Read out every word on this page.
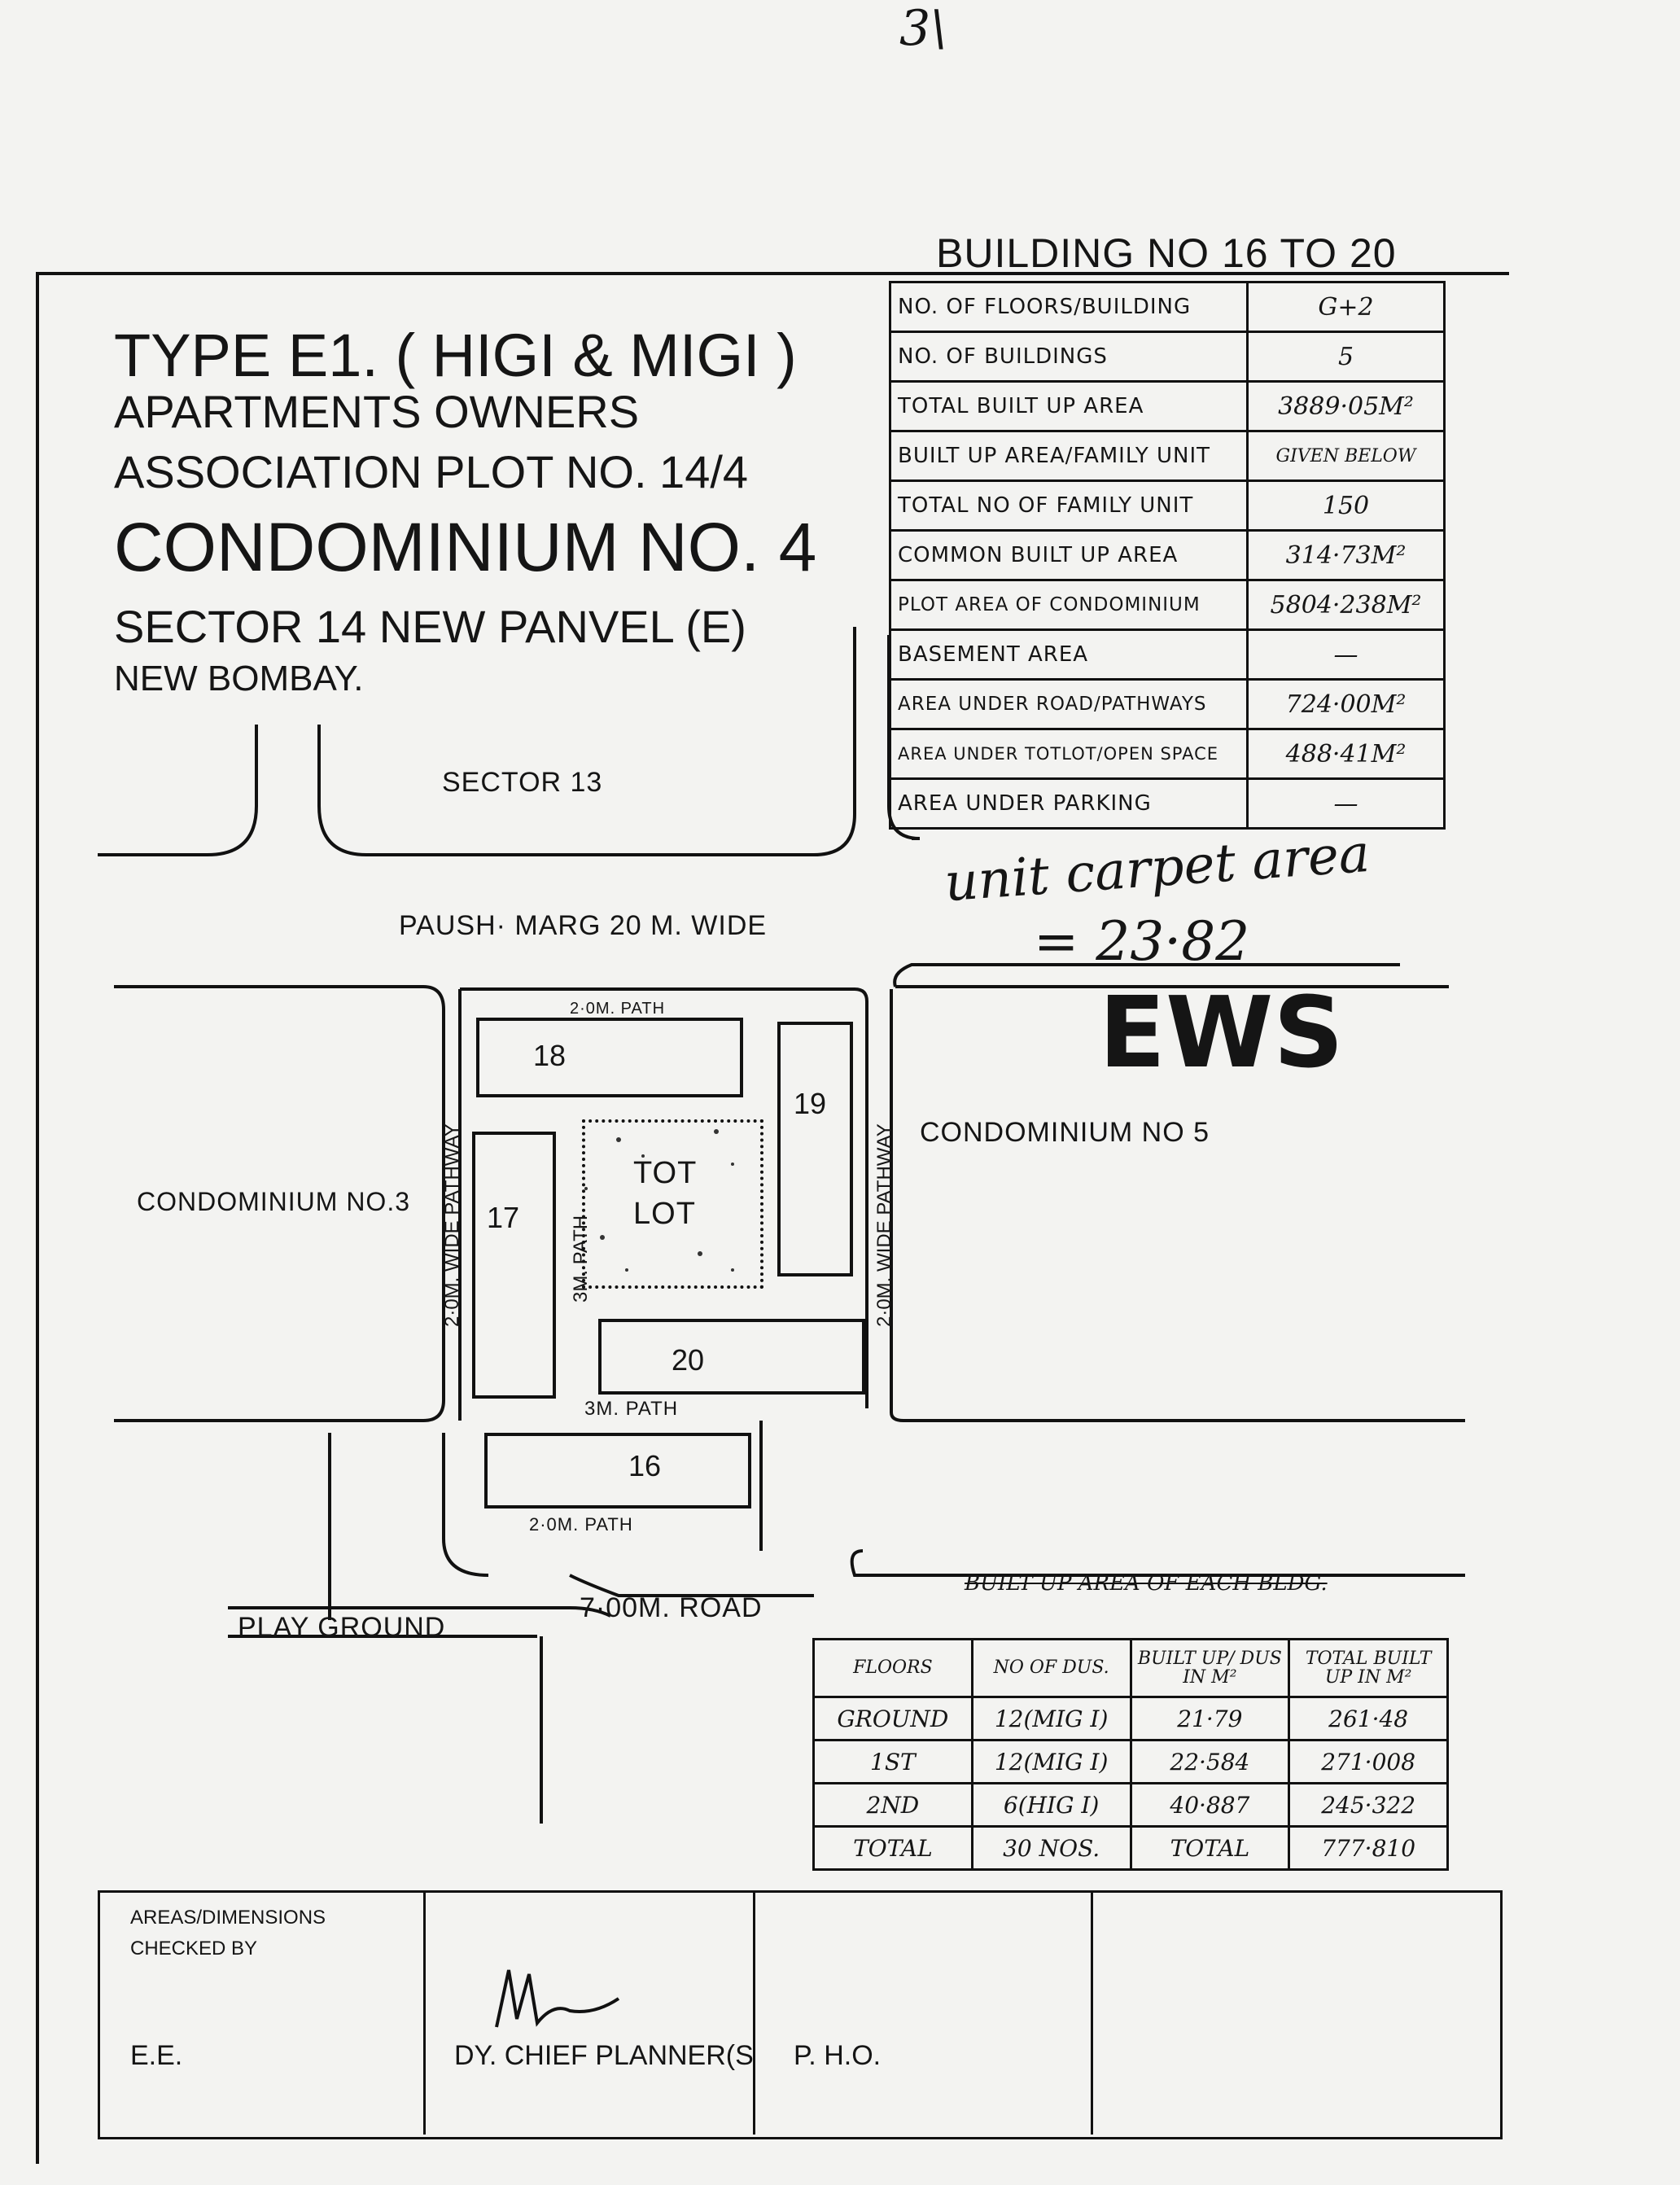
3\
TYPE E1. ( HIGI & MIGI )
APARTMENTS OWNERS
ASSOCIATION PLOT NO. 14/4
CONDOMINIUM NO. 4
SECTOR 14 NEW PANVEL (E)
NEW BOMBAY.
BUILDING NO 16 TO 20
NO. OF FLOORS/BUILDING	G+2
NO. OF BUILDINGS	5
TOTAL BUILT UP AREA	3889·05M²
BUILT UP AREA/FAMILY UNIT	GIVEN BELOW
TOTAL NO OF FAMILY UNIT	150
COMMON BUILT UP AREA	314·73M²
PLOT AREA OF CONDOMINIUM	5804·238M²
BASEMENT AREA	—
AREA UNDER ROAD/PATHWAYS	724·00M²
AREA UNDER TOTLOT/OPEN SPACE	488·41M²
AREA UNDER PARKING	—
unit carpet area
= 23·82
EWS
18
19
17
TOT
LOT
20
16
SECTOR 13
PAUSH· MARG 20 M. WIDE
CONDOMINIUM NO.3
CONDOMINIUM NO 5
2·0M. PATH
3M. PATH
2·0M. PATH
2·0M. WIDE PATHWAY	2·0M. WIDE PATHWAY
3M. PATH
7·00M. ROAD
PLAY GROUND
BUILT UP AREA OF EACH BLDG.
FLOORS	NO OF DUS.	BUILT UP/ DUS IN M²	TOTAL BUILT UP IN M²
GROUND	12(MIG I)	21·79	261·48
1ST	12(MIG I)	22·584	271·008
2ND	6(HIG I)	40·887	245·322
TOTAL	30 NOS.	TOTAL	777·810
AREAS/DIMENSIONS
CHECKED BY
E.E.	DY. CHIEF PLANNER(S P. H.O.
